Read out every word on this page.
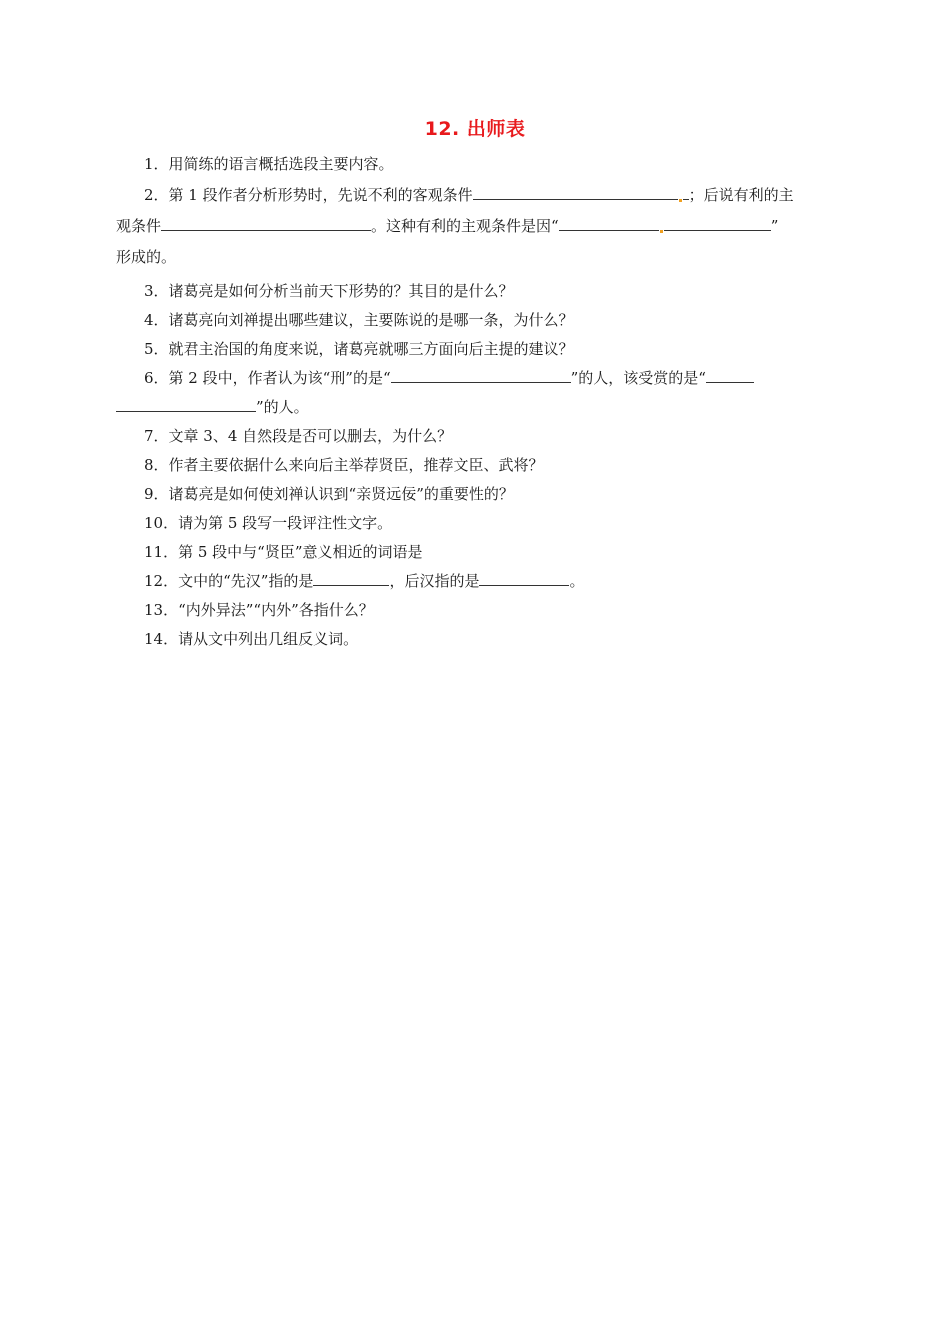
12. 出师表
1．用简练的语言概括选段主要内容。
2．第 1 段作者分析形势时，先说不利的客观条件	；后说有利的主
观条件	。这种有利的主观条件是因“	”
形成的。
3．诸葛亮是如何分析当前天下形势的？其目的是什么？
4．诸葛亮向刘禅提出哪些建议，主要陈说的是哪一条，为什么？
5．就君主治国的角度来说，诸葛亮就哪三方面向后主提的建议？
6．第 2 段中，作者认为该“刑”的是“	”的人，该受赏的是“
”的人。
7．文章 3、4 自然段是否可以删去，为什么？
8．作者主要依据什么来向后主举荐贤臣，推荐文臣、武将？
9．诸葛亮是如何使刘禅认识到“亲贤远佞”的重要性的？
10．请为第 5 段写一段评注性文字。
11．第 5 段中与“贤臣”意义相近的词语是
12．文中的“先汉”指的是	，后汉指的是	。
13．“内外异法”“内外”各指什么？
14．请从文中列出几组反义词。
